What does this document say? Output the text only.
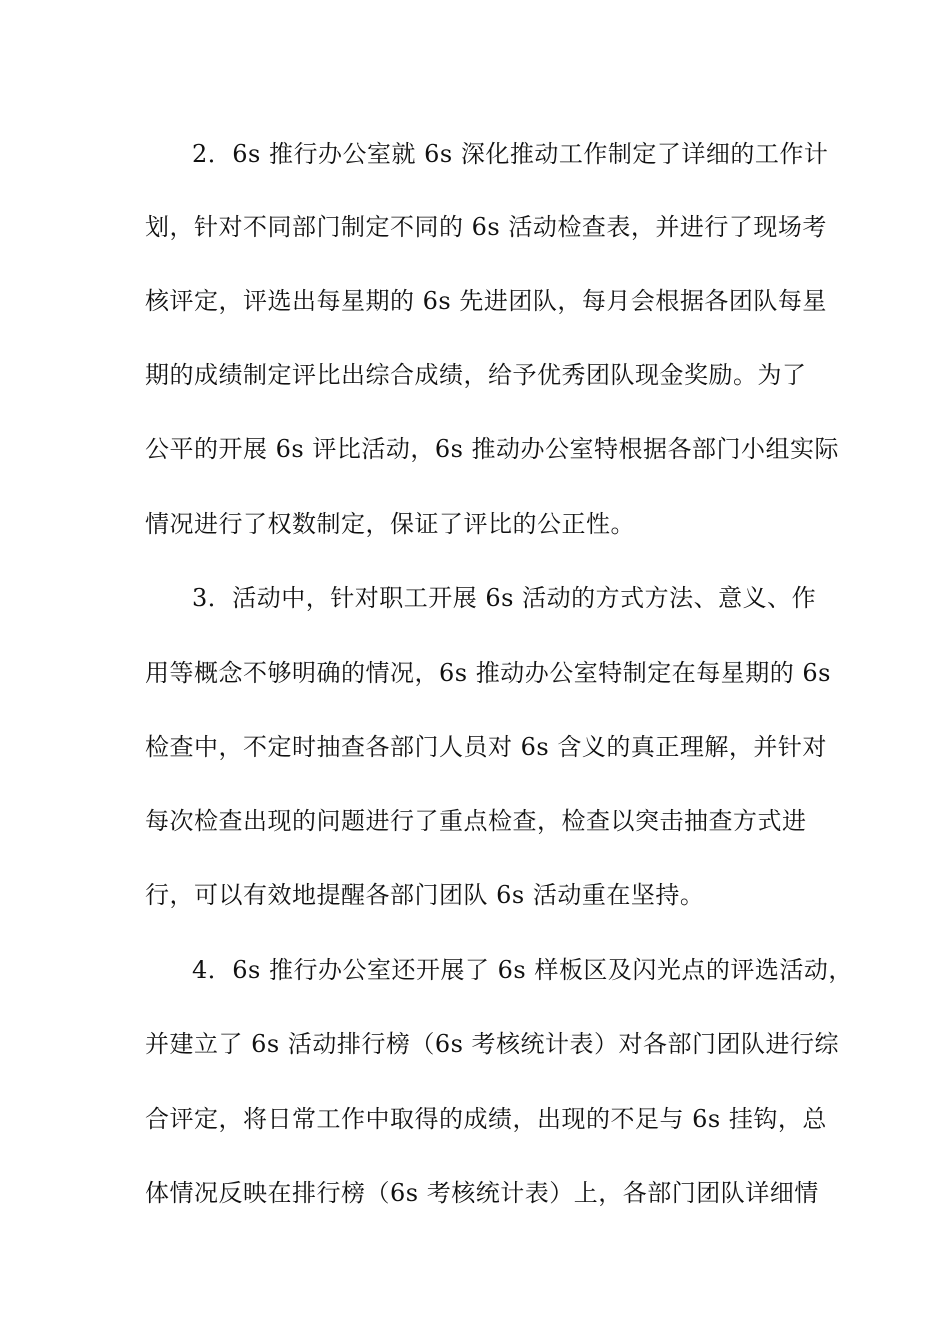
2．6s 推行办公室就 6s 深化推动工作制定了详细的工作计
划，针对不同部门制定不同的 6s 活动检查表，并进行了现场考
核评定，评选出每星期的 6s 先进团队，每月会根据各团队每星
期的成绩制定评比出综合成绩，给予优秀团队现金奖励。为了
公平的开展 6s 评比活动，6s 推动办公室特根据各部门小组实际
情况进行了权数制定，保证了评比的公正性。
3．活动中，针对职工开展 6s 活动的方式方法、意义、作
用等概念不够明确的情况，6s 推动办公室特制定在每星期的 6s
检查中，不定时抽查各部门人员对 6s 含义的真正理解，并针对
每次检查出现的问题进行了重点检查，检查以突击抽查方式进
行，可以有效地提醒各部门团队 6s 活动重在坚持。
4．6s 推行办公室还开展了 6s 样板区及闪光点的评选活动，
并建立了 6s 活动排行榜（6s 考核统计表）对各部门团队进行综
合评定，将日常工作中取得的成绩，出现的不足与 6s 挂钩，总
体情况反映在排行榜（6s 考核统计表）上，各部门团队详细情
